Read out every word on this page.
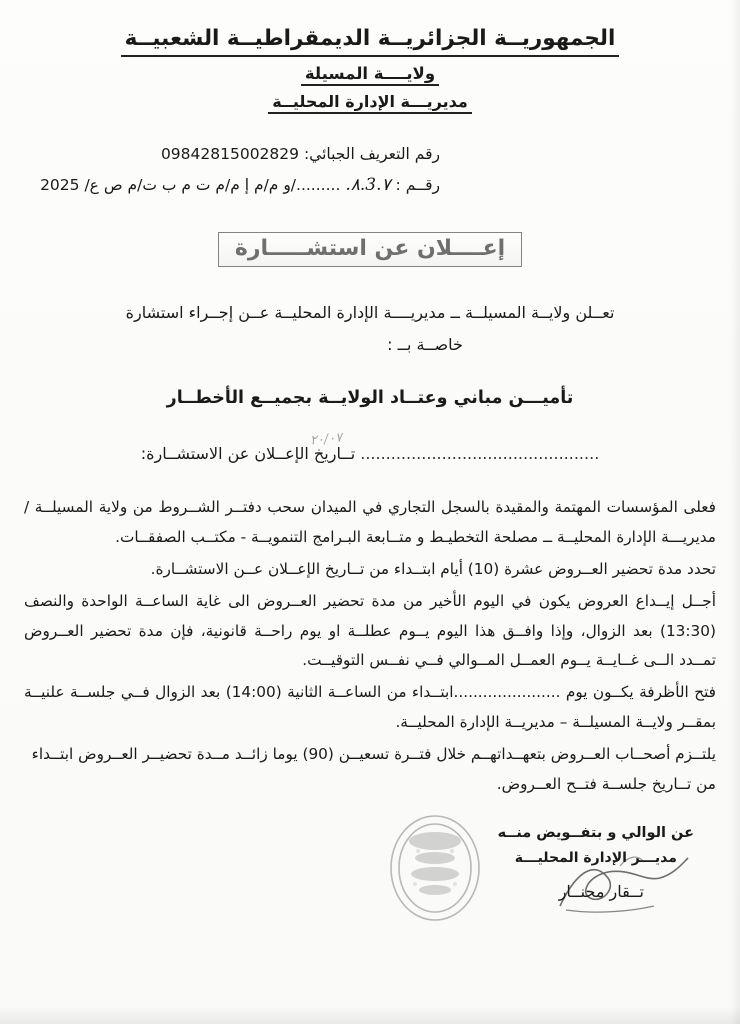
الجمهوريــة الجزائريــة الديمقراطيــة الشعبيــة
ولايــــة المسيلة
مديريـــة الإدارة المحليــة
رقم التعريف الجبائي: 09842815002829
رقــم : ٨.3.٧. ........./و م/م إ م/م ت م ب ت/م ص ع/ 2025
إعــــلان عن استشـــــارة
تعــلن ولايــة المسيلــة ــ مديريــــة الإدارة المحليــة عــن إجــراء استشارة
خاصــة بــ :
تأميـــن مباني وعتــاد الولايــة بجميــع الأخطــار
٢٠/٠٧
............................................... تــاريخ الإعــلان عن الاستشــارة:

فعلى المؤسسات المهتمة والمقيدة بالسجل التجاري في الميدان سحب دفتــر الشــروط من ولاية المسيلــة / مديريـــة الإدارة المحليــة ــ مصلحة التخطيـط و متــابعة البـرامج التنمويــة - مكتــب الصفقــات.

تحدد مدة تحضير العــروض عشرة (10) أيام ابتــداء من تــاريخ الإعــلان عــن الاستشــارة.

أجــل إيــداع العروض يكون في اليوم الأخير من مدة تحضير العــروض الى غاية الساعــة الواحدة والنصف (13:30) بعد الزوال، وإذا وافــق هذا اليوم يــوم عطلــة او يوم راحــة قانونية، فإن مدة تحضير العــروض تمــدد الــى غــايــة يــوم العمــل المــوالي فــي نفــس التوقيــت.

فتح الأظرفة يكــون يوم ......................ابتــداء من الساعــة الثانية (14:00) بعد الزوال فــي جلســة علنيــة بمقــر ولايــة المسيلــة – مديريــة الإدارة المحليــة.

يلتــزم أصحــاب العــروض بتعهــداتهــم خلال فتــرة تسعيــن (90) يوما زائــد مــدة تحضيــر العــروض ابتــداء من تــاريخ جلســة فتــح العــروض.

عن الوالي و بتفــويض منــه
مديـــر الإدارة المحليـــة
تــقار محنــار
